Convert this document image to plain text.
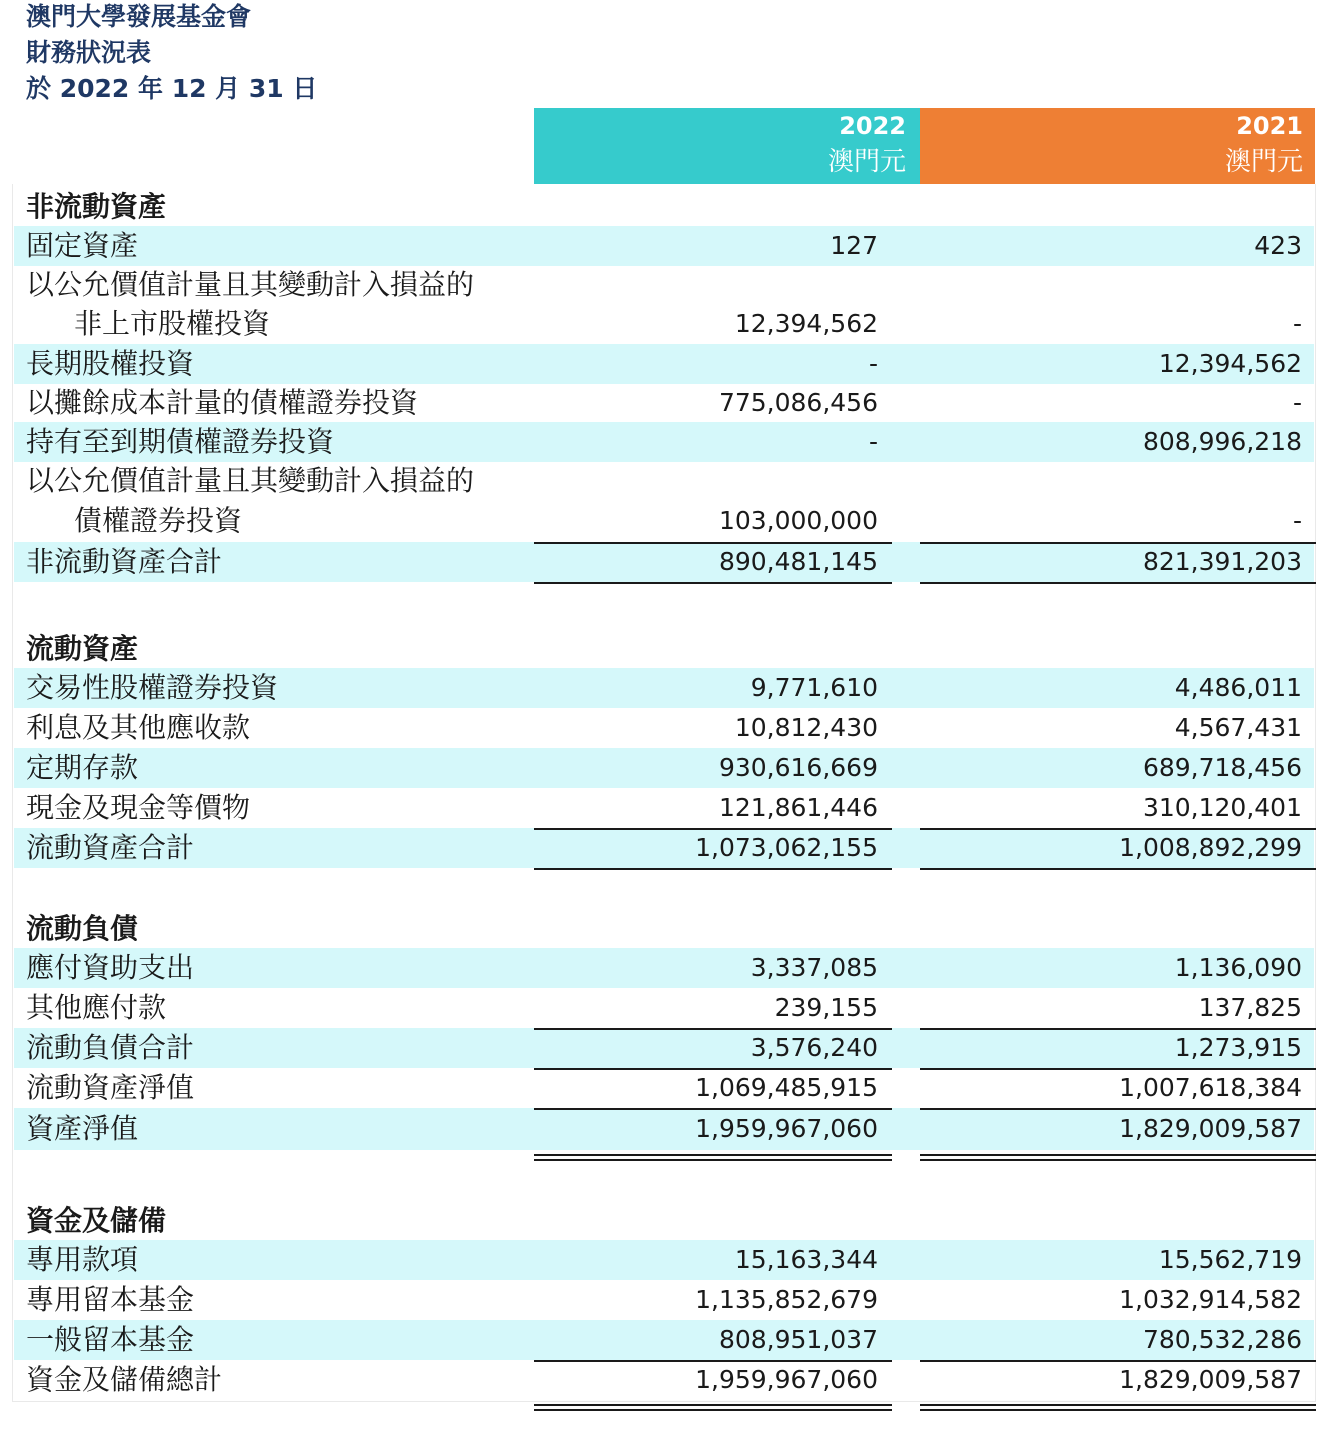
澳門大學發展基金會
財務狀況表
於 2022 年 12 月 31 日
2022
澳門元
2021
澳門元
非流動資產
固定資產	127	423
以公允價值計量且其變動計入損益的
非上市股權投資	12,394,562	-
長期股權投資	-	12,394,562
以攤餘成本計量的債權證券投資	775,086,456	-
持有至到期債權證券投資	-	808,996,218
以公允價值計量且其變動計入損益的
債權證券投資	103,000,000	-
非流動資產合計	890,481,145	821,391,203
流動資產
交易性股權證券投資	9,771,610	4,486,011
利息及其他應收款	10,812,430	4,567,431
定期存款	930,616,669	689,718,456
現金及現金等價物	121,861,446	310,120,401
流動資產合計	1,073,062,155	1,008,892,299
流動負債
應付資助支出	3,337,085	1,136,090
其他應付款	239,155	137,825
流動負債合計	3,576,240	1,273,915
流動資產淨值	1,069,485,915	1,007,618,384
資產淨值	1,959,967,060	1,829,009,587
資金及儲備
專用款項	15,163,344	15,562,719
專用留本基金	1,135,852,679	1,032,914,582
一般留本基金	808,951,037	780,532,286
資金及儲備總計	1,959,967,060	1,829,009,587
